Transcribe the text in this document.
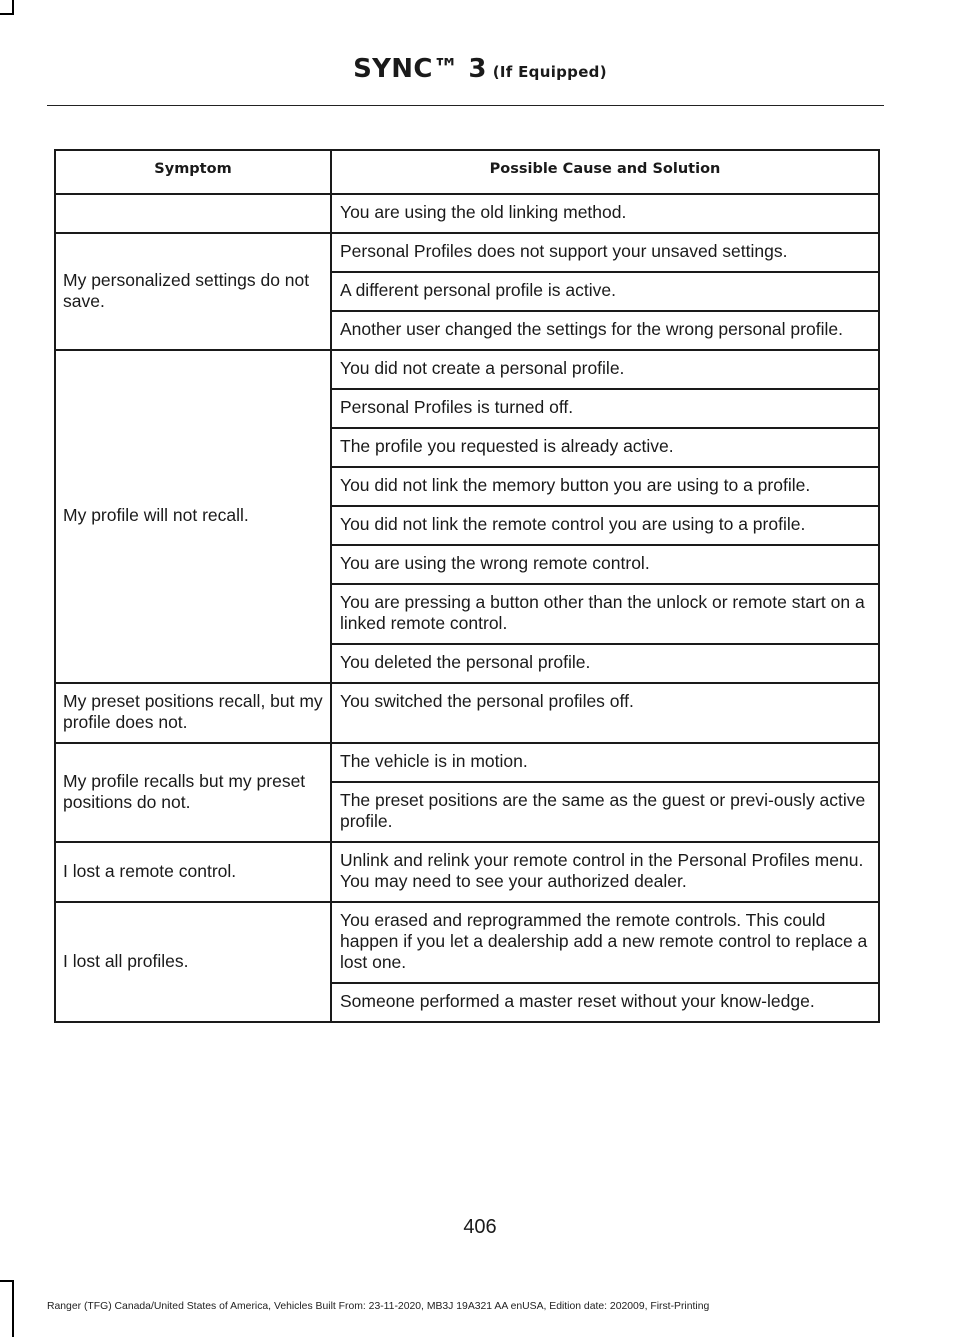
SYNC™ 3 (If Equipped)
Symptom	Possible Cause and Solution
	You are using the old linking method.
My personalized settings do not save.	Personal Profiles does not support your unsaved settings.
	A different personal profile is active.
	Another user changed the settings for the wrong personal profile.
My profile will not recall.	You did not create a personal profile.
	Personal Profiles is turned off.
	The profile you requested is already active.
	You did not link the memory button you are using to a profile.
	You did not link the remote control you are using to a profile.
	You are using the wrong remote control.
	You are pressing a button other than the unlock or remote start on a linked remote control.
	You deleted the personal profile.
My preset positions recall, but my profile does not.	You switched the personal profiles off.
My profile recalls but my preset positions do not.	The vehicle is in motion.
	The preset positions are the same as the guest or previ-ously active profile.
I lost a remote control.	Unlink and relink your remote control in the Personal Profiles menu. You may need to see your authorized dealer.
I lost all profiles.	You erased and reprogrammed the remote controls. This could happen if you let a dealership add a new remote control to replace a lost one.
	Someone performed a master reset without your know-ledge.
406
Ranger (TFG) Canada/United States of America, Vehicles Built From: 23-11-2020, MB3J 19A321 AA enUSA, Edition date: 202009, First-Printing
